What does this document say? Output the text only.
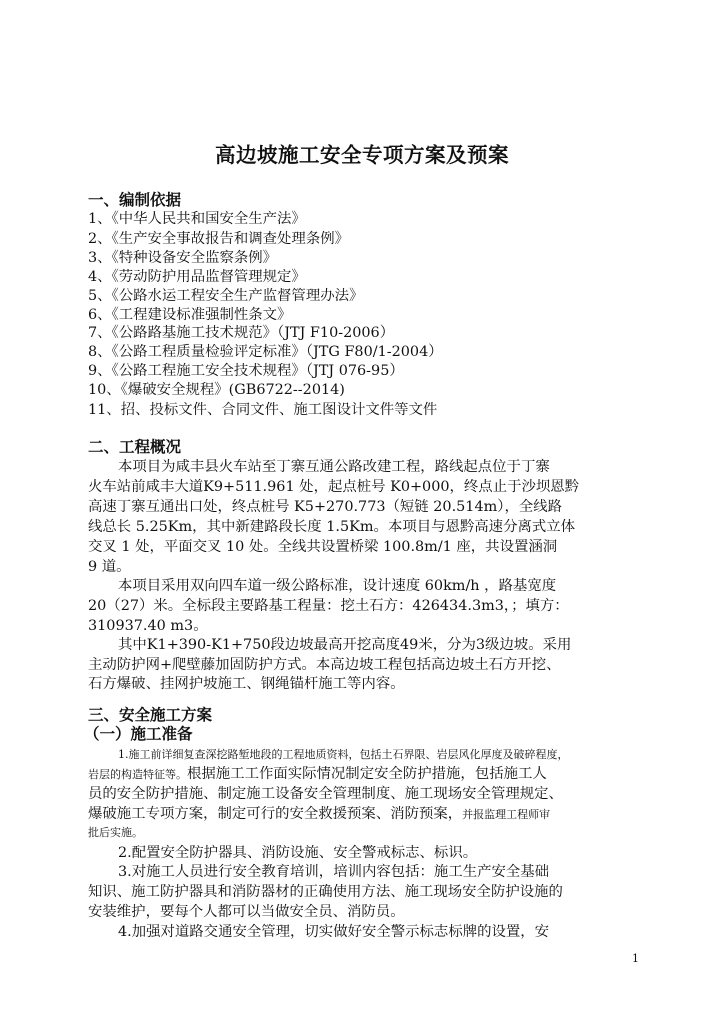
高边坡施工安全专项方案及预案
一、编制依据
1、《中华人民共和国安全生产法》
2、《生产安全事故报告和调查处理条例》
3、《特种设备安全监察条例》
4、《劳动防护用品监督管理规定》
5、《公路水运工程安全生产监督管理办法》
6、《工程建设标准强制性条文》
7、《公路路基施工技术规范》（JTJ F10-2006）
8、《公路工程质量检验评定标准》（JTG F80/1-2004）
9、《公路工程施工安全技术规程》（JTJ 076-95）
10、《爆破安全规程》(GB6722--2014)
11、招、投标文件、合同文件、施工图设计文件等文件
二、工程概况
本项目为咸丰县火车站至丁寨互通公路改建工程，路线起点位于丁寨
火车站前咸丰大道K9+511.961 处，起点桩号 K0+000，终点止于沙坝恩黔
高速丁寨互通出口处，终点桩号 K5+270.773（短链 20.514m），全线路
线总长 5.25Km，其中新建路段长度 1.5Km。本项目与恩黔高速分离式立体
交叉 1 处，平面交叉 10 处。全线共设置桥梁 100.8m/1 座，共设置涵洞
9 道。
本项目采用双向四车道一级公路标准，设计速度 60km/h ，路基宽度
20（27）米。全标段主要路基工程量：挖土石方：426434.3m3，；填方：
310937.40 m3。
其中K1+390-K1+750段边坡最高开挖高度49米，分为3级边坡。采用
主动防护网+爬壁藤加固防护方式。本高边坡工程包括高边坡土石方开挖、
石方爆破、挂网护坡施工、钢绳锚杆施工等内容。
三、安全施工方案
（一）施工准备
1.施工前详细复查深挖路堑地段的工程地质资料，包括土石界限、岩层风化厚度及破碎程度，
岩层的构造特征等。根据施工工作面实际情况制定安全防护措施，包括施工人
员的安全防护措施、制定施工设备安全管理制度、施工现场安全管理规定、
爆破施工专项方案，制定可行的安全救援预案、消防预案，并报监理工程师审
批后实施。
2.配置安全防护器具、消防设施、安全警戒标志、标识。
3.对施工人员进行安全教育培训，培训内容包括：施工生产安全基础
知识、施工防护器具和消防器材的正确使用方法、施工现场安全防护设施的
安装维护，要每个人都可以当做安全员、消防员。
4.加强对道路交通安全管理，切实做好安全警示标志标牌的设置，安
1
